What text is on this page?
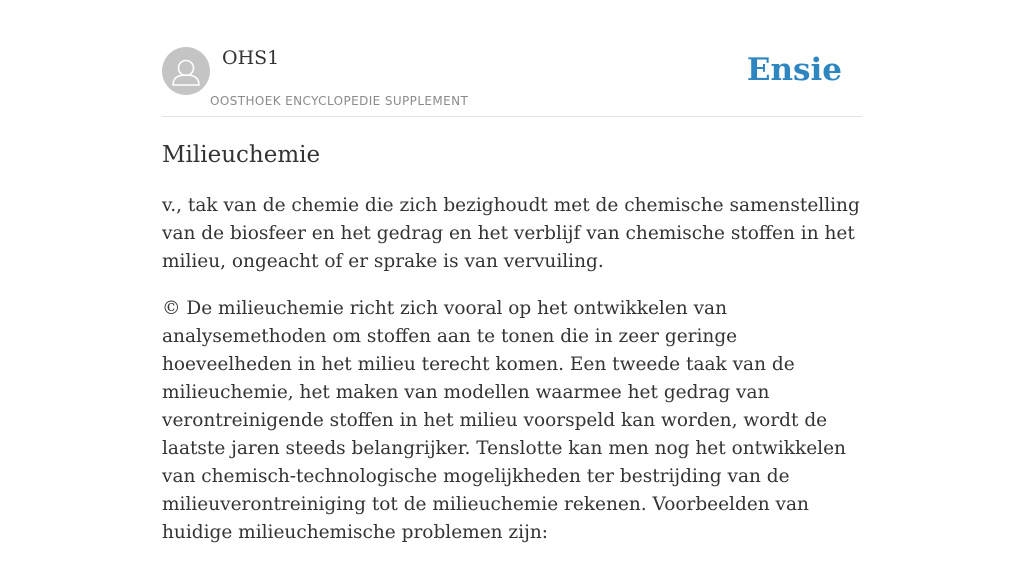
OHS1
OOSTHOEK ENCYCLOPEDIE SUPPLEMENT
Ensie
Milieuchemie

v., tak van de chemie die zich bezighoudt met de chemische samenstelling van de biosfeer en het gedrag en het verblijf van chemische stoffen in het milieu, ongeacht of er sprake is van vervuiling.

© De milieuchemie richt zich vooral op het ontwikkelen van analysemethoden om stoffen aan te tonen die in zeer geringe hoeveelheden in het milieu terecht komen. Een tweede taak van de milieuchemie, het maken van modellen waarmee het gedrag van verontreinigende stoffen in het milieu voorspeld kan worden, wordt de laatste jaren steeds belangrijker. Tenslotte kan men nog het ontwikkelen van chemisch-technologische mogelijkheden ter bestrijding van de milieuverontreiniging tot de milieuchemie rekenen. Voorbeelden van huidige milieuchemische problemen zijn:
